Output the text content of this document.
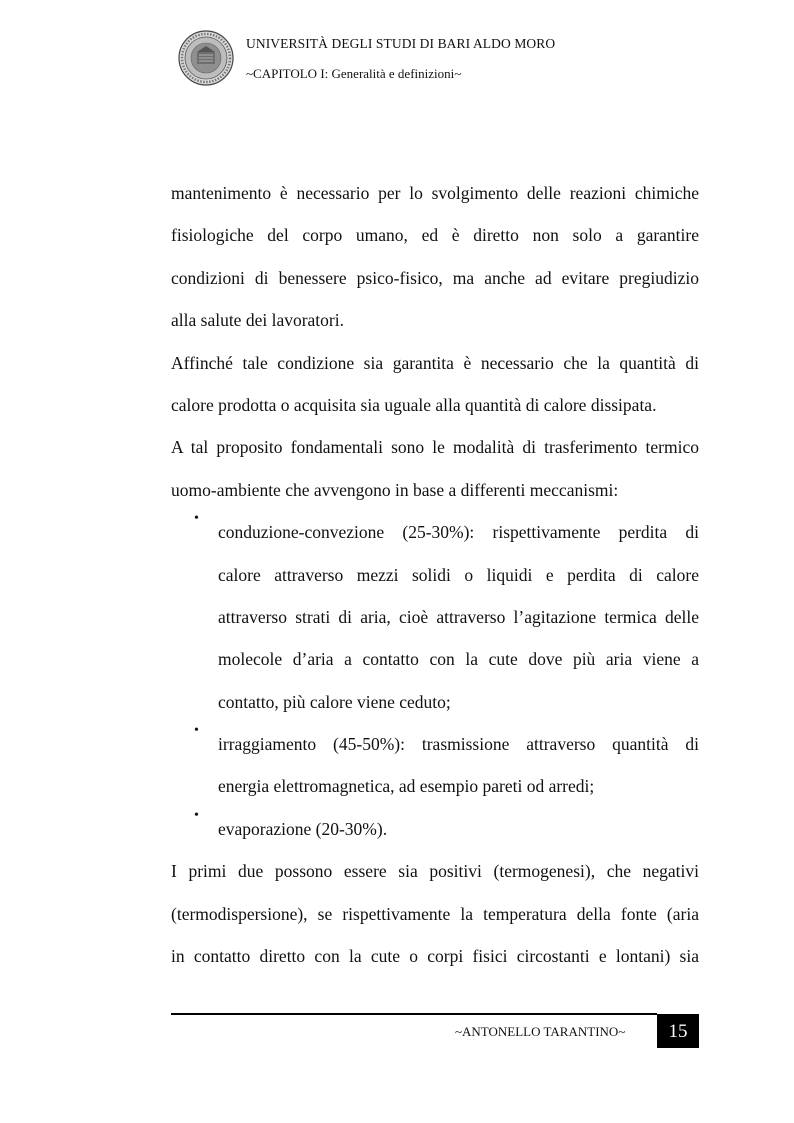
UNIVERSITÀ DEGLI STUDI DI BARI ALDO MORO
~CAPITOLO I: Generalità e definizioni~
mantenimento è necessario per lo svolgimento delle reazioni chimiche
fisiologiche del corpo umano, ed è diretto non solo a garantire
condizioni di benessere psico-fisico, ma anche ad evitare pregiudizio
alla salute dei lavoratori.
Affinché tale condizione sia garantita è necessario che la quantità di
calore prodotta o acquisita sia uguale alla quantità di calore dissipata.
A tal proposito fondamentali sono le modalità di trasferimento termico
uomo-ambiente che avvengono in base a differenti meccanismi:
•
conduzione-convezione (25-30%): rispettivamente perdita di
calore attraverso mezzi solidi o liquidi e perdita di calore
attraverso strati di aria, cioè attraverso l’agitazione termica delle
molecole d’aria a contatto con la cute dove più aria viene a
contatto, più calore viene ceduto;
•
irraggiamento (45-50%): trasmissione attraverso quantità di
energia elettromagnetica, ad esempio pareti od arredi;
•
evaporazione (20-30%).
I primi due possono essere sia positivi (termogenesi), che negativi
(termodispersione), se rispettivamente la temperatura della fonte (aria
in contatto diretto con la cute o corpi fisici circostanti e lontani) sia
~ANTONELLO TARANTINO~	15
